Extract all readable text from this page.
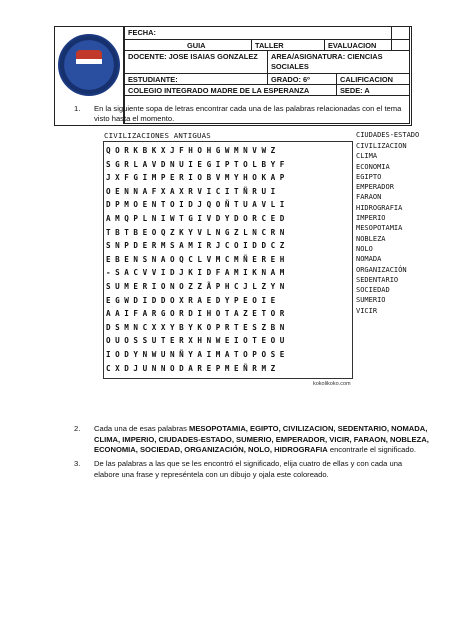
FECHA:
GUIA	TALLER	EVALUACION
DOCENTE: JOSE ISAIAS GONZALEZ	AREA/ASIGNATURA: CIENCIAS
SOCIALES
ESTUDIANTE:	GRADO: 6º	CALIFICACION
COLEGIO INTEGRADO MADRE DE LA ESPERANZA	SEDE: A
1. En la siguiente sopa de letras encontrar cada una de las palabras relacionadas con el tema
visto hasta el momento.
CIVILIZACIONES ANTIGUAS
Q O R K B K X J F H O H G W M N V W Z
S G R L A V D N U I E G I P T O L B Y F
J X F G I M P E R I O B V M Y H O K A P
O E N N A F X A X R V I C I T Ñ R U I
D P M O E N T O I D J Q O Ñ T U A V L I
A M Q P L N I W T G I V D Y D O R C E D
T B T B E O Q Z K Y V L N G Z L N C R N
S N P D E R M S A M I R J C O I D D C Z
E B E N S N A O Q C L V M C M Ñ E R E H
- S A C V V I D J K I D F A M I K N A M
S U M E R I O N O Z Z Ã P H C J L Z Y N
E G W D I D D O X R A E D Y P E O I E
A A I F A R G O R D I H O T A Z E T O R
D S M N C X X Y B Y K O P R T E S Z B N
O U O S S U T E R X H N W E I O T E O U
I O D Y N W U N Ñ Y A I M A T O P O S E
C X D J U N N O D A R E P M E Ñ R M Z
kokolikoko.com
CIUDADES-ESTADO
CIVILIZACION
CLIMA
ECONOMIA
EGIPTO
EMPERADOR
FARAON
HIDROGRAFIA
IMPERIO
MESOPOTAMIA
NOBLEZA
NOLO
NOMADA
ORGANIZACIÓN
SEDENTARIO
SOCIEDAD
SUMERIO
VICIR
2. Cada una de esas palabras MESOPOTAMIA, EGIPTO, CIVILIZACION, SEDENTARIO, NOMADA,
CLIMA, IMPERIO, CIUDADES-ESTADO, SUMERIO, EMPERADOR, VICIR, FARAON, NOBLEZA,
ECONOMIA, SOCIEDAD, ORGANIZACIÓN, NOLO, HIDROGRAFIA encontrarle el significado.
3. De las palabras a las que se les encontró el significado, elija cuatro de ellas y con cada una
elabore una frase y represéntela con un dibujo y ojala este coloreado.
